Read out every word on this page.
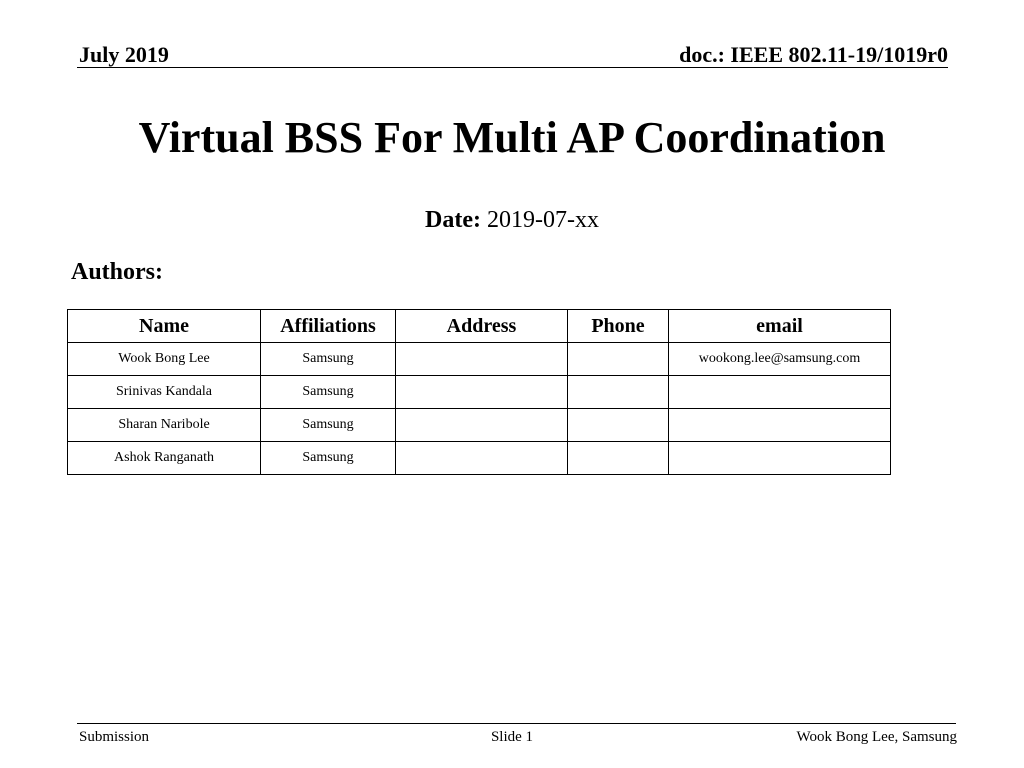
July 2019	doc.: IEEE 802.11-19/1019r0
Virtual BSS For Multi AP Coordination
Date: 2019-07-xx
Authors:
Name	Affiliations	Address	Phone	email
Wook Bong Lee	Samsung			wookong.lee@samsung.com
Srinivas Kandala	Samsung			
Sharan Naribole	Samsung			
Ashok Ranganath	Samsung			
Submission	Slide 1	Wook Bong Lee, Samsung
